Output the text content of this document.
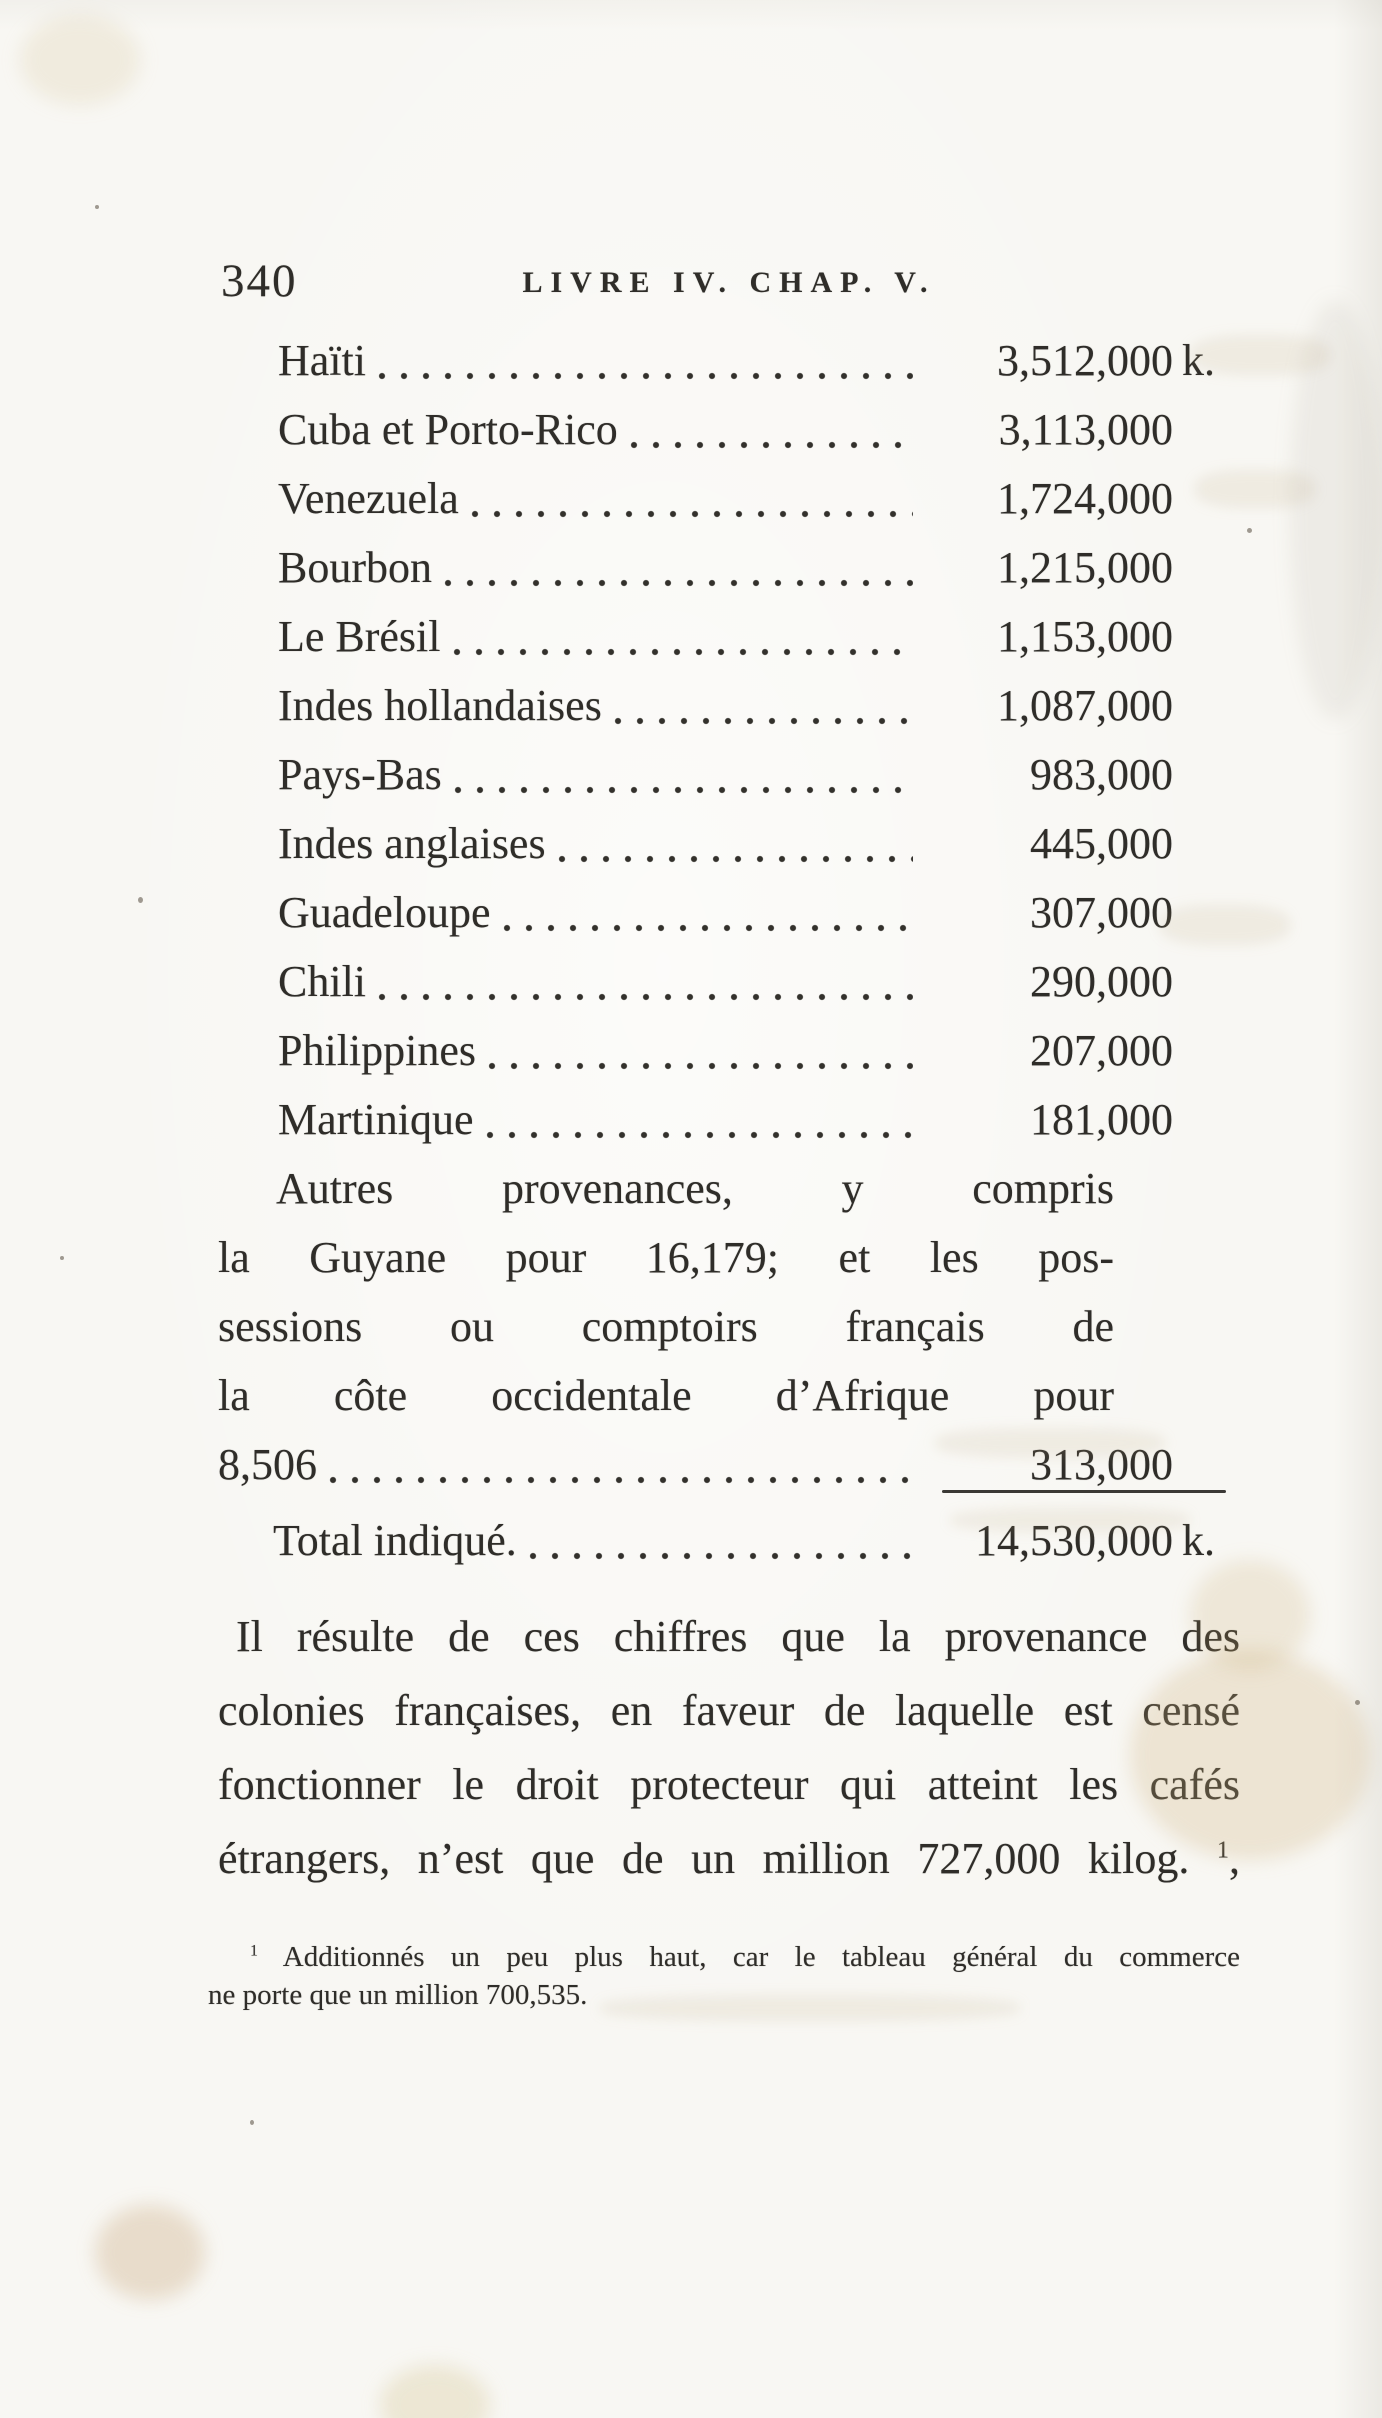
340	LIVRE IV. CHAP. V.
Haïti	3,512,000 k.
Cuba et Porto-Rico	3,113,000
Venezuela	1,724,000
Bourbon	1,215,000
Le Brésil	1,153,000
Indes hollandaises	1,087,000
Pays-Bas	983,000
Indes anglaises	445,000
Guadeloupe	307,000
Chili	290,000
Philippines	207,000
Martinique	181,000
Autres provenances, y compris
la Guyane pour 16,179; et les pos-
sessions ou comptoirs français de
la côte occidentale d’Afrique pour
8,506	313,000
Total indiqué.	14,530,000 k.
Il résulte de ces chiffres que la provenance des
colonies françaises, en faveur de laquelle est censé
fonctionner le droit protecteur qui atteint les cafés
étrangers, n’est que de un million 727,000 kilog. $^1$,
$^1$ Additionnés un peu plus haut, car le tableau général du commerce
ne porte que un million 700,535.
